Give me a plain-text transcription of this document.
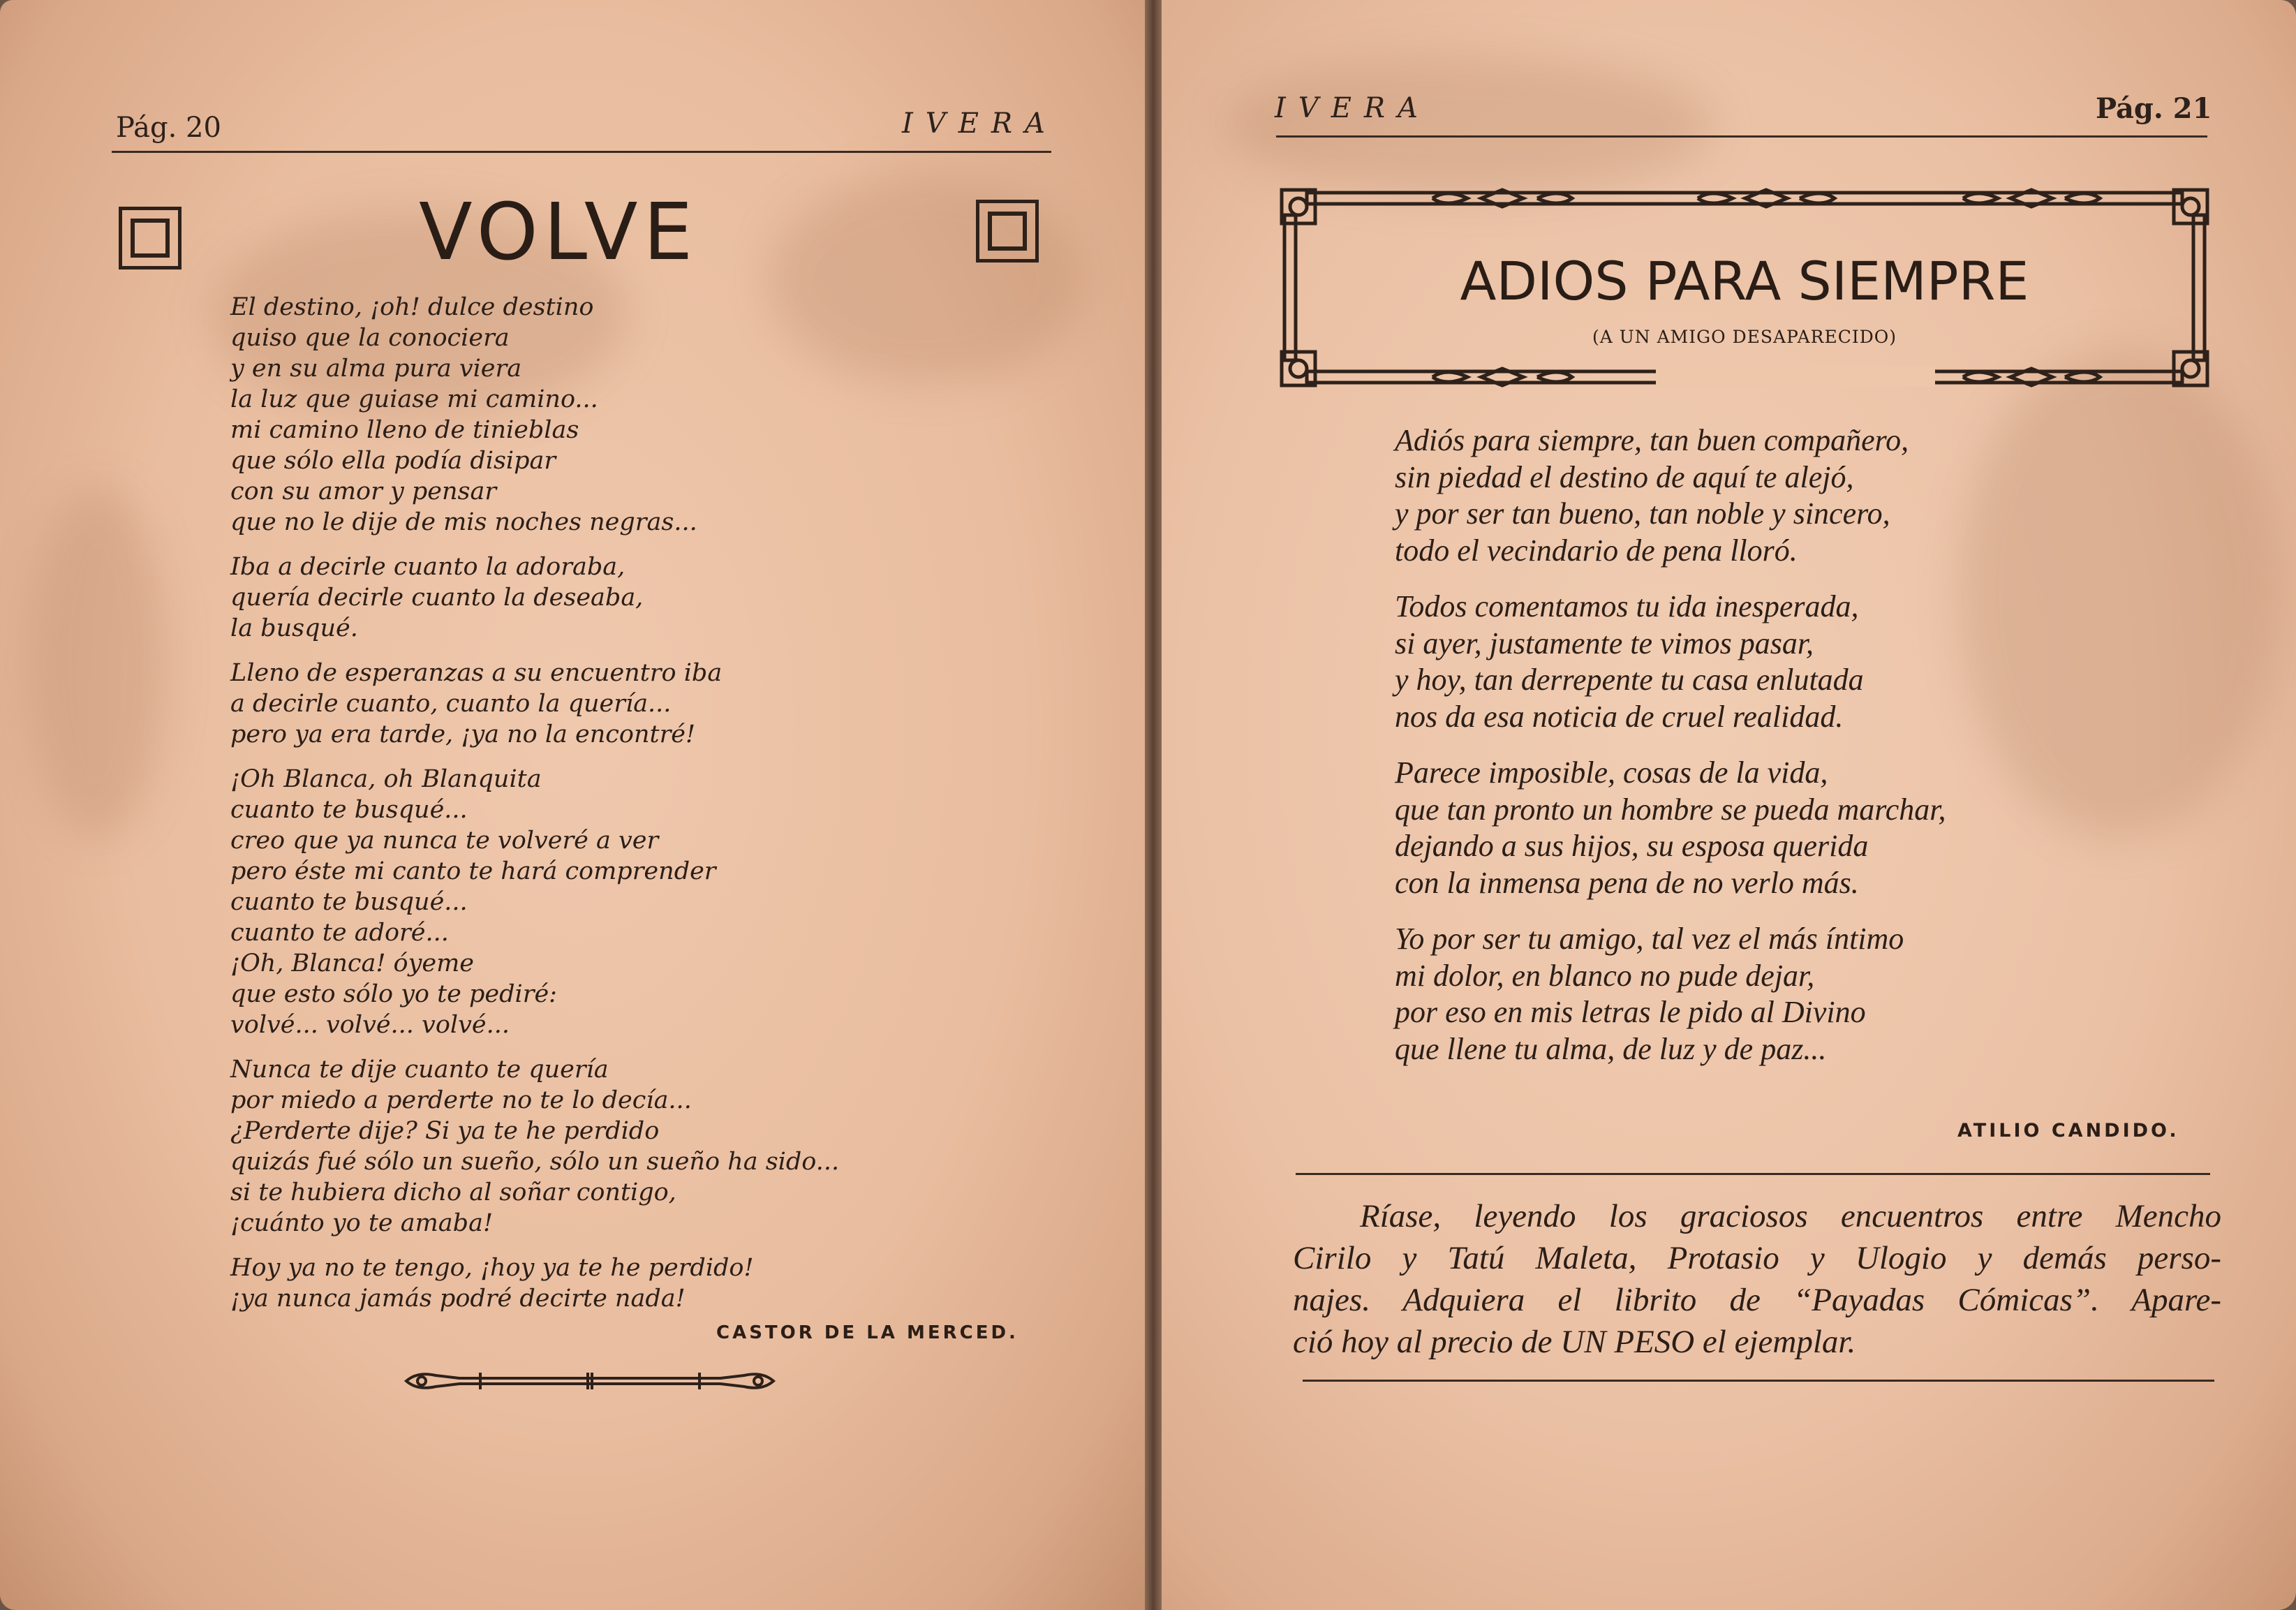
Pág. 20	IVERA
VOLVE
El destino, ¡oh! dulce destino
quiso que la conociera
y en su alma pura viera
la luz que guiase mi camino...
mi camino lleno de tinieblas
que sólo ella podía disipar
con su amor y pensar
que no le dije de mis noches negras...
Iba a decirle cuanto la adoraba,
quería decirle cuanto la deseaba,
la busqué.
Lleno de esperanzas a su encuentro iba
a decirle cuanto, cuanto la quería...
pero ya era tarde, ¡ya no la encontré!
¡Oh Blanca, oh Blanquita
cuanto te busqué...
creo que ya nunca te volveré a ver
pero éste mi canto te hará comprender
cuanto te busqué...
cuanto te adoré...
¡Oh, Blanca! óyeme
que esto sólo yo te pediré:
volvé... volvé... volvé...
Nunca te dije cuanto te quería
por miedo a perderte no te lo decía...
¿Perderte dije? Si ya te he perdido
quizás fué sólo un sueño, sólo un sueño ha sido...
si te hubiera dicho al soñar contigo,
¡cuánto yo te amaba!
Hoy ya no te tengo, ¡hoy ya te he perdido!
¡ya nunca jamás podré decirte nada!
CASTOR DE LA MERCED.
IVERA	Pág. 21
ADIOS PARA SIEMPRE
(A UN AMIGO DESAPARECIDO)
Adiós para siempre, tan buen compañero,
sin piedad el destino de aquí te alejó,
y por ser tan bueno, tan noble y sincero,
todo el vecindario de pena lloró.
Todos comentamos tu ida inesperada,
si ayer, justamente te vimos pasar,
y hoy, tan derrepente tu casa enlutada
nos da esa noticia de cruel realidad.
Parece imposible, cosas de la vida,
que tan pronto un hombre se pueda marchar,
dejando a sus hijos, su esposa querida
con la inmensa pena de no verlo más.
Yo por ser tu amigo, tal vez el más íntimo
mi dolor, en blanco no pude dejar,
por eso en mis letras le pido al Divino
que llene tu alma, de luz y de paz...
ATILIO CANDIDO.
Ríase, leyendo los graciosos encuentros entre Mencho
Cirilo y Tatú Maleta, Protasio y Ulogio y demás perso-
najes. Adquiera el librito de “Payadas Cómicas”. Apare-
ció hoy al precio de UN PESO el ejemplar.
